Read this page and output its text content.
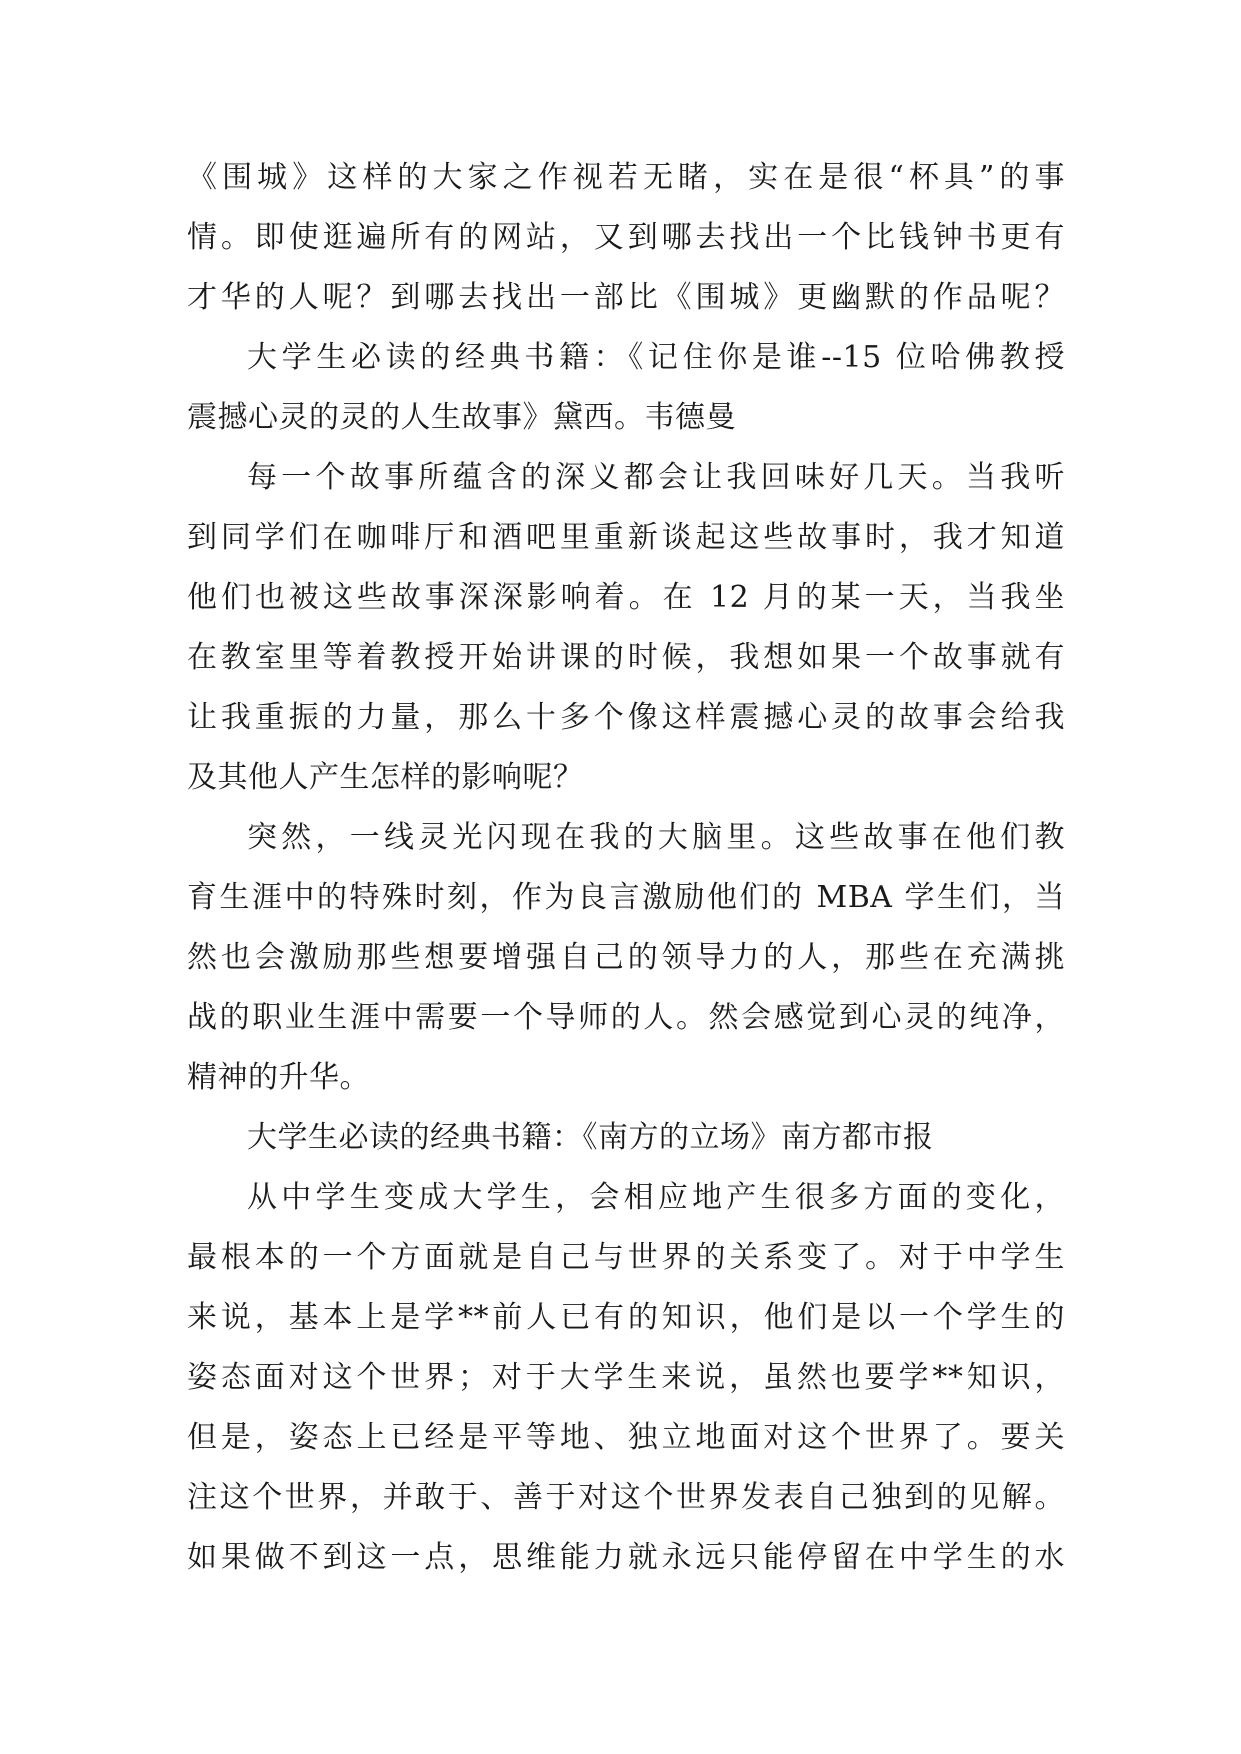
《围城》这样的大家之作视若无睹，实在是很“杯具”的事
情。即使逛遍所有的网站，又到哪去找出一个比钱钟书更有
才华的人呢？到哪去找出一部比《围城》更幽默的作品呢？

大学生必读的经典书籍：《记住你是谁--15 位哈佛教授
震撼心灵的灵的人生故事》黛西。韦德曼

每一个故事所蕴含的深义都会让我回味好几天。当我听
到同学们在咖啡厅和酒吧里重新谈起这些故事时，我才知道
他们也被这些故事深深影响着。在 12 月的某一天，当我坐
在教室里等着教授开始讲课的时候，我想如果一个故事就有
让我重振的力量，那么十多个像这样震撼心灵的故事会给我
及其他人产生怎样的影响呢？

突然，一线灵光闪现在我的大脑里。这些故事在他们教
育生涯中的特殊时刻，作为良言激励他们的 MBA 学生们，当
然也会激励那些想要增强自己的领导力的人，那些在充满挑
战的职业生涯中需要一个导师的人。然会感觉到心灵的纯净，
精神的升华。

大学生必读的经典书籍：《南方的立场》南方都市报

从中学生变成大学生，会相应地产生很多方面的变化，
最根本的一个方面就是自己与世界的关系变了。对于中学生
来说，基本上是学**前人已有的知识，他们是以一个学生的
姿态面对这个世界；对于大学生来说，虽然也要学**知识，
但是，姿态上已经是平等地、独立地面对这个世界了。要关
注这个世界，并敢于、善于对这个世界发表自己独到的见解。
如果做不到这一点，思维能力就永远只能停留在中学生的水
